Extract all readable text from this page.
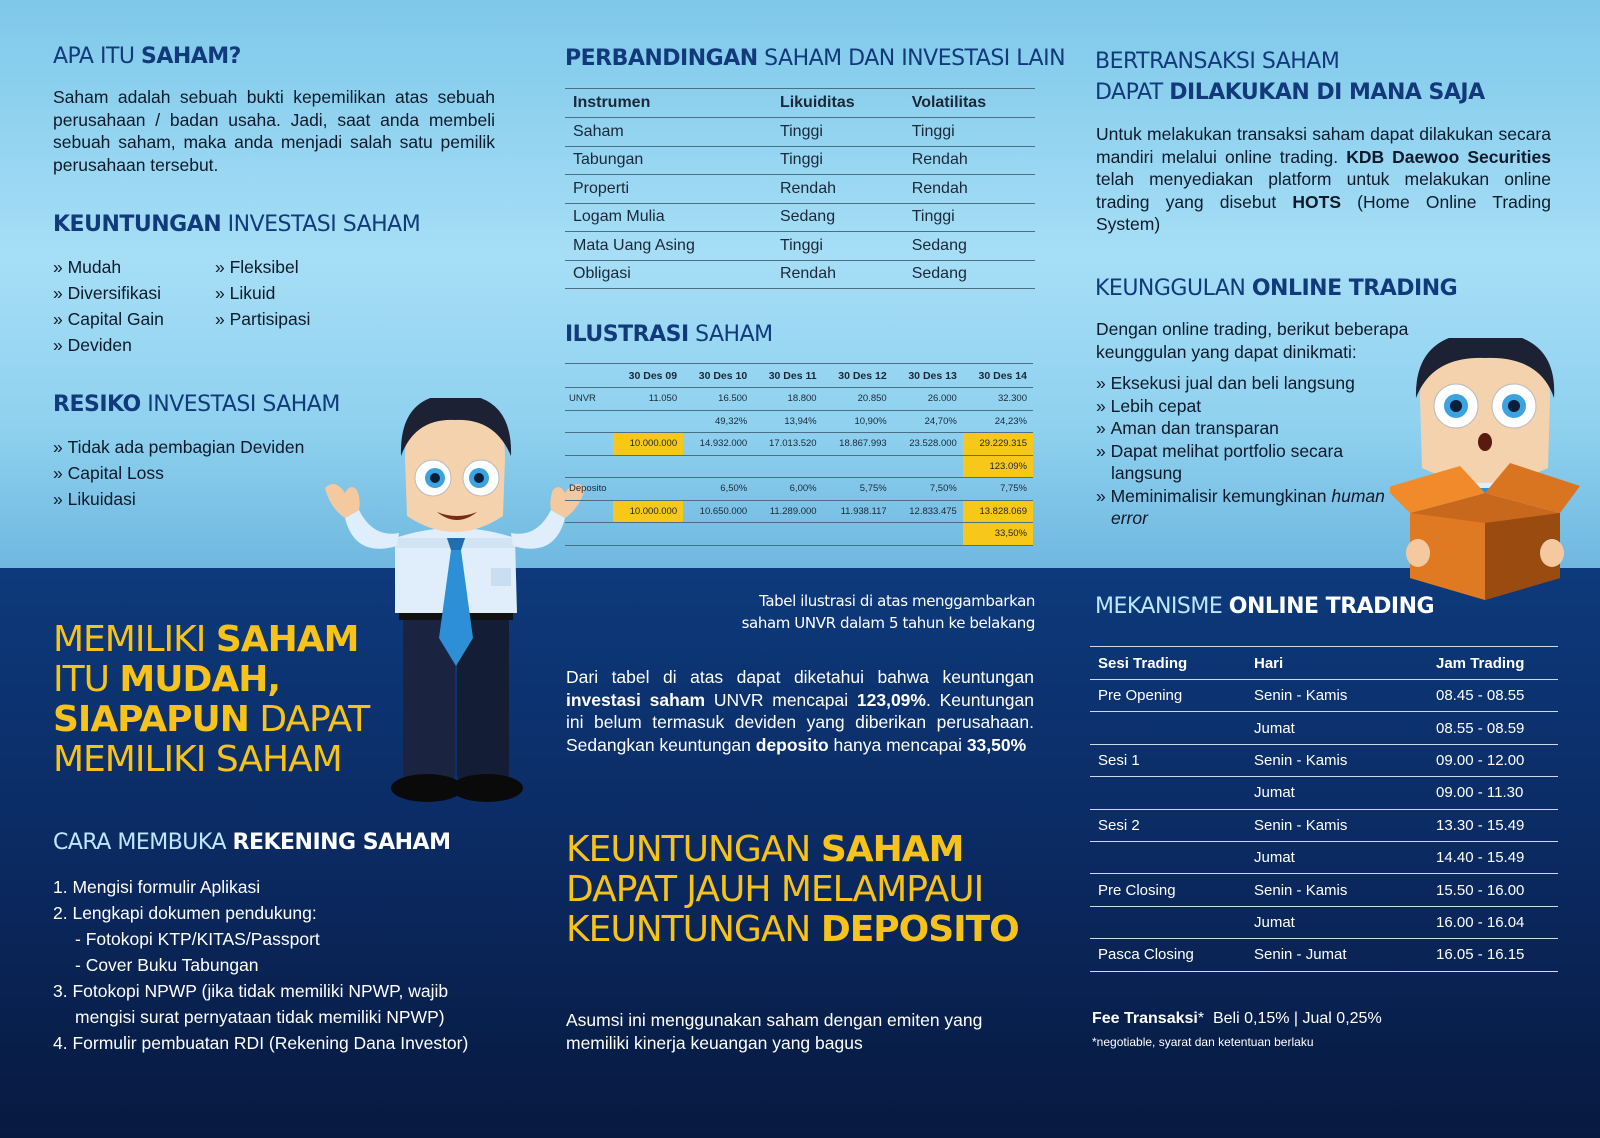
APA ITU SAHAM?

Saham adalah sebuah bukti kepemilikan atas sebuah perusahaan / badan usaha. Jadi, saat anda membeli sebuah saham, maka anda menjadi salah satu pemilik perusahaan tersebut.

KEUNTUNGAN INVESTASI SAHAM
» Mudah
» Diversifikasi
» Capital Gain
» Deviden
» Fleksibel
» Likuid
» Partisipasi
RESIKO INVESTASI SAHAM
» Tidak ada pembagian Deviden
» Capital Loss
» Likuidasi
MEMILIKI SAHAM
ITU MUDAH,
SIAPAPUN DAPAT
MEMILIKI SAHAM
CARA MEMBUKA REKENING SAHAM
1. Mengisi formulir Aplikasi
2. Lengkapi dokumen pendukung:
- Fotokopi KTP/KITAS/Passport
- Cover Buku Tabungan
3. Fotokopi NPWP (jika tidak memiliki NPWP, wajib
mengisi surat pernyataan tidak memiliki NPWP)
4. Formulir pembuatan RDI (Rekening Dana Investor)
PERBANDINGAN SAHAM DAN INVESTASI LAIN
Instrumen	Likuiditas	Volatilitas
Saham	Tinggi	Tinggi
Tabungan	Tinggi	Rendah
Properti	Rendah	Rendah
Logam Mulia	Sedang	Tinggi
Mata Uang Asing	Tinggi	Sedang
Obligasi	Rendah	Sedang
ILUSTRASI SAHAM
	30 Des 09	30 Des 10	30 Des 11	30 Des 12	30 Des 13	30 Des 14
UNVR	11.050	16.500	18.800	20.850	26.000	32.300
		49,32%	13,94%	10,90%	24,70%	24,23%
	10.000.000	14.932.000	17.013.520	18.867.993	23.528.000	29.229.315
						123.09%
Deposito		6,50%	6,00%	5,75%	7,50%	7,75%
	10.000.000	10.650.000	11.289.000	11.938.117	12.833.475	13.828.069
						33,50%
Tabel ilustrasi di atas menggambarkan
saham UNVR dalam 5 tahun ke belakang

Dari tabel di atas dapat diketahui bahwa keuntungan investasi saham UNVR mencapai 123,09%. Keuntungan ini belum termasuk deviden yang diberikan perusahaan. Sedangkan keuntungan deposito hanya mencapai 33,50%

KEUNTUNGAN SAHAM
DAPAT JAUH MELAMPAUI
KEUNTUNGAN DEPOSITO

Asumsi ini menggunakan saham dengan emiten yang memiliki kinerja keuangan yang bagus

BERTRANSAKSI SAHAM
DAPAT DILAKUKAN DI MANA SAJA

Untuk melakukan transaksi saham dapat dilakukan secara mandiri melalui online trading. KDB Daewoo Securities telah menyediakan platform untuk melakukan online trading yang disebut HOTS (Home Online Trading System)

KEUNGGULAN ONLINE TRADING

Dengan online trading, berikut beberapa keunggulan yang dapat dinikmati:

» Eksekusi jual dan beli langsung
» Lebih cepat
» Aman dan transparan
» Dapat melihat portfolio secara langsung
» Meminimalisir kemungkinan human error
MEKANISME ONLINE TRADING
Sesi Trading	Hari	Jam Trading
Pre Opening	Senin - Kamis	08.45 - 08.55
	Jumat	08.55 - 08.59
Sesi 1	Senin - Kamis	09.00 - 12.00
	Jumat	09.00 - 11.30
Sesi 2	Senin - Kamis	13.30 - 15.49
	Jumat	14.40 - 15.49
Pre Closing	Senin - Kamis	15.50 - 16.00
	Jumat	16.00 - 16.04
Pasca Closing	Senin - Jumat	16.05 - 16.15
Fee Transaksi* Beli 0,15% | Jual 0,25%
*negotiable, syarat dan ketentuan berlaku
